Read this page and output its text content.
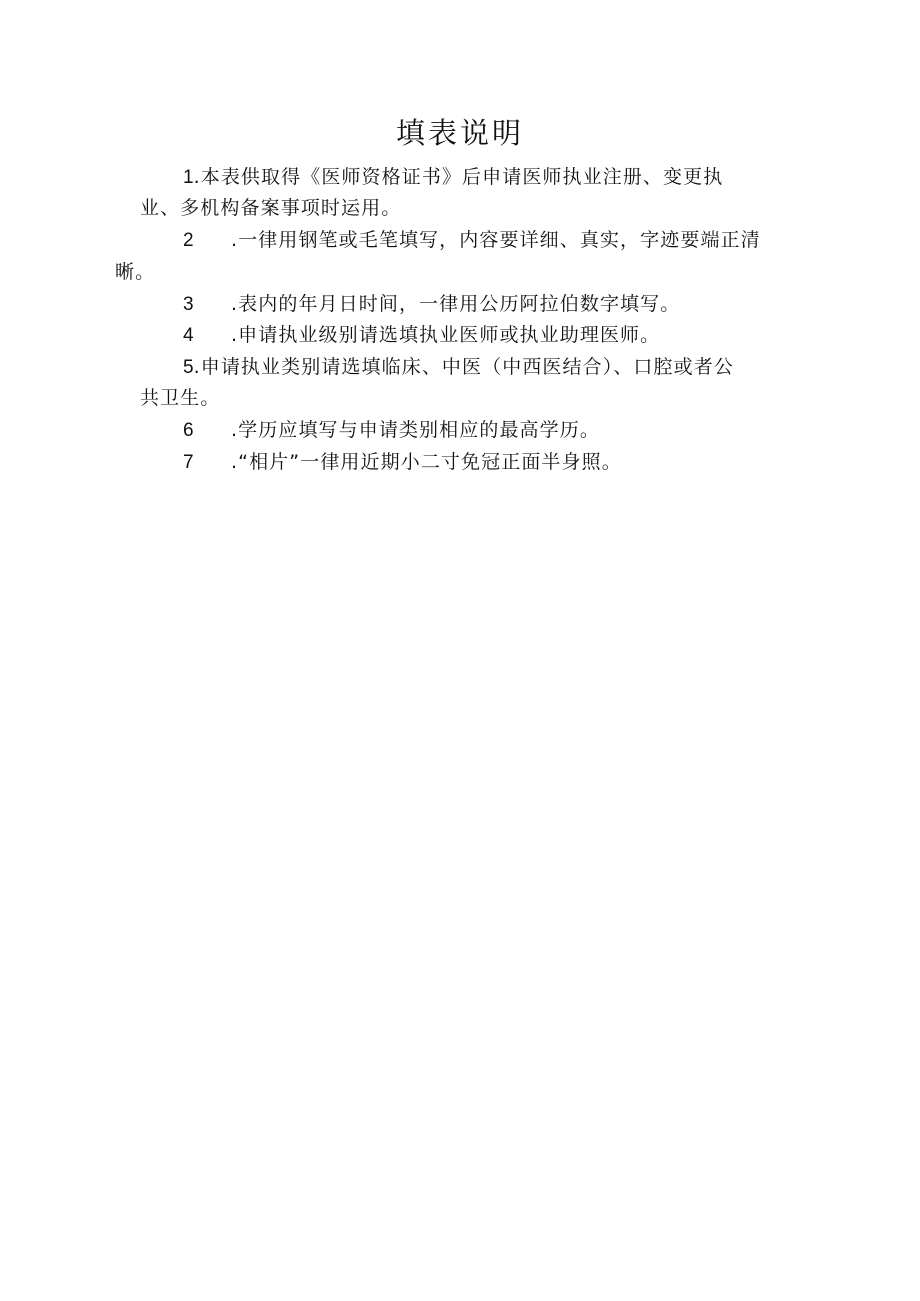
填表说明
1.本表供取得《医师资格证书》后申请医师执业注册、变更执
业、多机构备案事项时运用。
2 .一律用钢笔或毛笔填写，内容要详细、真实，字迹要端正清
晰。
3 .表内的年月日时间，一律用公历阿拉伯数字填写。
4 .申请执业级别请选填执业医师或执业助理医师。
5.申请执业类别请选填临床、中医（中西医结合）、口腔或者公
共卫生。
6 .学历应填写与申请类别相应的最高学历。
7 .“相片”一律用近期小二寸免冠正面半身照。
